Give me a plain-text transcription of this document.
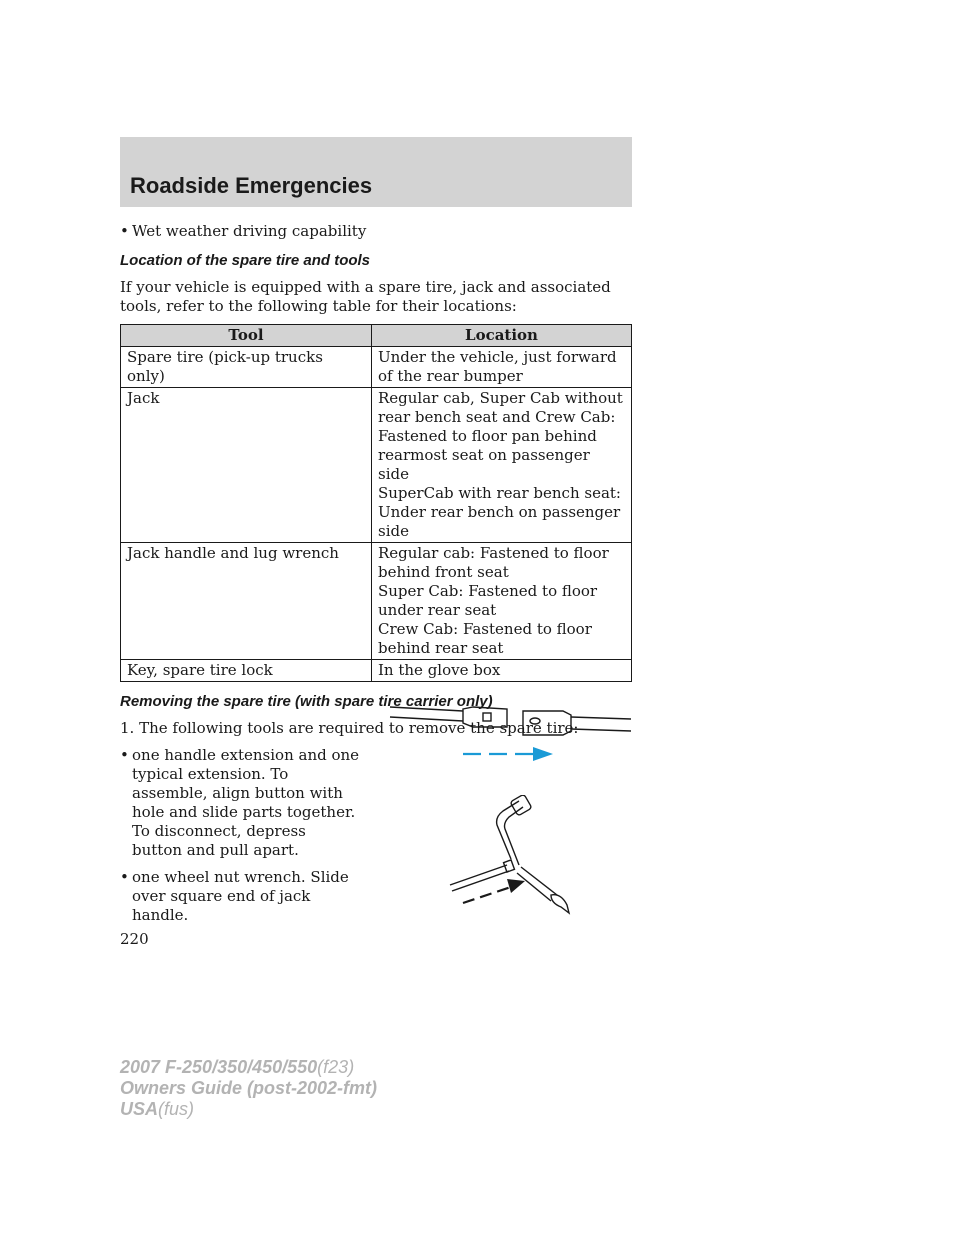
Roadside Emergencies
• Wet weather driving capability
Location of the spare tire and tools

If your vehicle is equipped with a spare tire, jack and associated tools, refer to the following table for their locations:

Tool	Location
Spare tire (pick-up trucks only)	Under the vehicle, just forward of the rear bumper

Jack	Regular cab, Super Cab without rear bench seat and Crew Cab: Fastened to floor pan behind rearmost seat on passenger side
SuperCab with rear bench seat: Under rear bench on passenger side

Jack handle and lug wrench	Regular cab: Fastened to floor behind front seat
Super Cab: Fastened to floor under rear seat
Crew Cab: Fastened to floor behind rear seat

Key, spare tire lock	In the glove box
Removing the spare tire (with spare tire carrier only)

1. The following tools are required to remove the spare tire:

• one handle extension and one typical extension. To assemble, align button with hole and slide parts together. To disconnect, depress button and pull apart.
• one wheel nut wrench. Slide over square end of jack handle.
220
2007 F-250/350/450/550(f23)
Owners Guide (post-2002-fmt)
USA(fus)
